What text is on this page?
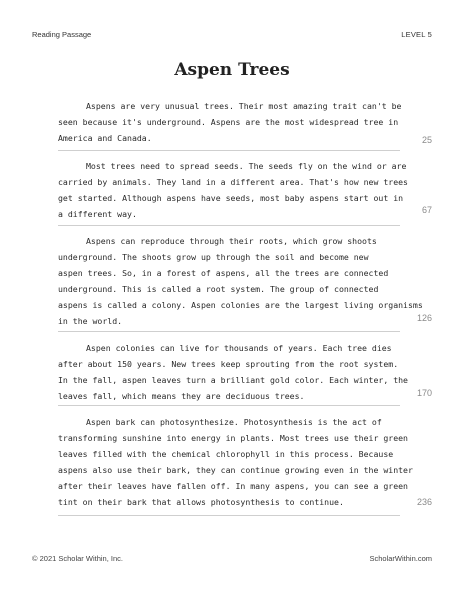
Reading Passage	LEVEL 5
Aspen Trees
Aspens are very unusual trees. Their most amazing trait can't be
seen because it's underground. Aspens are the most widespread tree in
America and Canada.	25
Most trees need to spread seeds. The seeds fly on the wind or are
carried by animals. They land in a different area. That's how new trees
get started. Although aspens have seeds, most baby aspens start out in
a different way.	67
Aspens can reproduce through their roots, which grow shoots
underground. The shoots grow up through the soil and become new
aspen trees. So, in a forest of aspens, all the trees are connected
underground. This is called a root system. The group of connected
aspens is called a colony. Aspen colonies are the largest living organisms
in the world.	126
Aspen colonies can live for thousands of years. Each tree dies
after about 150 years. New trees keep sprouting from the root system.
In the fall, aspen leaves turn a brilliant gold color. Each winter, the
leaves fall, which means they are deciduous trees.	170
Aspen bark can photosynthesize. Photosynthesis is the act of
transforming sunshine into energy in plants. Most trees use their green
leaves filled with the chemical chlorophyll in this process. Because
aspens also use their bark, they can continue growing even in the winter
after their leaves have fallen off. In many aspens, you can see a green
tint on their bark that allows photosynthesis to continue.	236
© 2021 Scholar Within, Inc.	ScholarWithin.com
